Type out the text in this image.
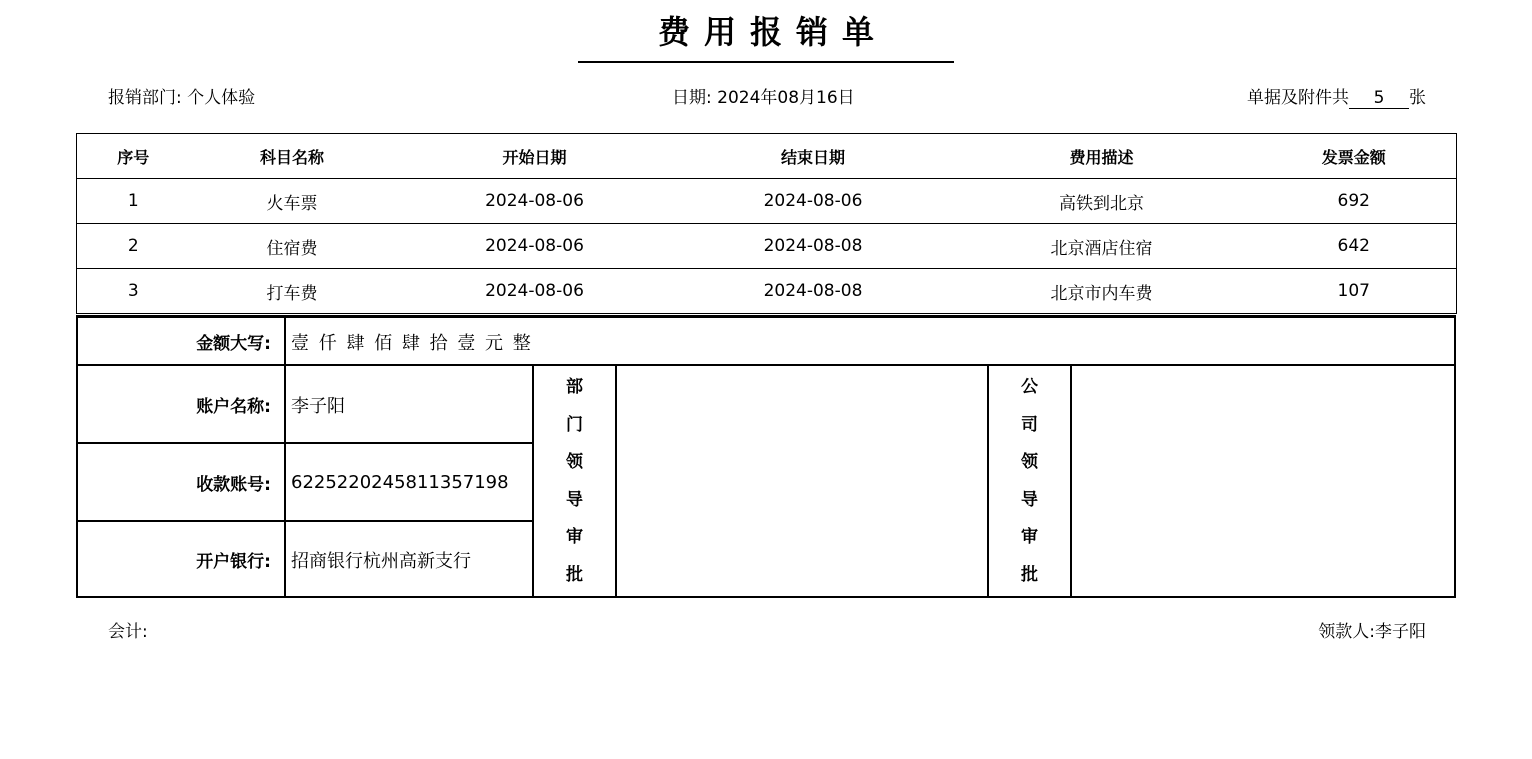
费用报销单
报销部门: 个人体验	日期: 2024年08月16日	单据及附件共 5 张
序号	科目名称	开始日期	结束日期	费用描述	发票金额
1	火车票	2024-08-06	2024-08-06	高铁到北京	692
2	住宿费	2024-08-06	2024-08-08	北京酒店住宿	642
3	打车费	2024-08-06	2024-08-08	北京市内车费	107
金额大写:	壹 仟 肆 佰 肆 拾 壹 元 整
账户名称:	李子阳
收款账号:	6225220245811357198
开户银行:	招商银行杭州高新支行
部
门
领
导
审
批
公
司
领
导
审
批
会计:	领款人:李子阳
